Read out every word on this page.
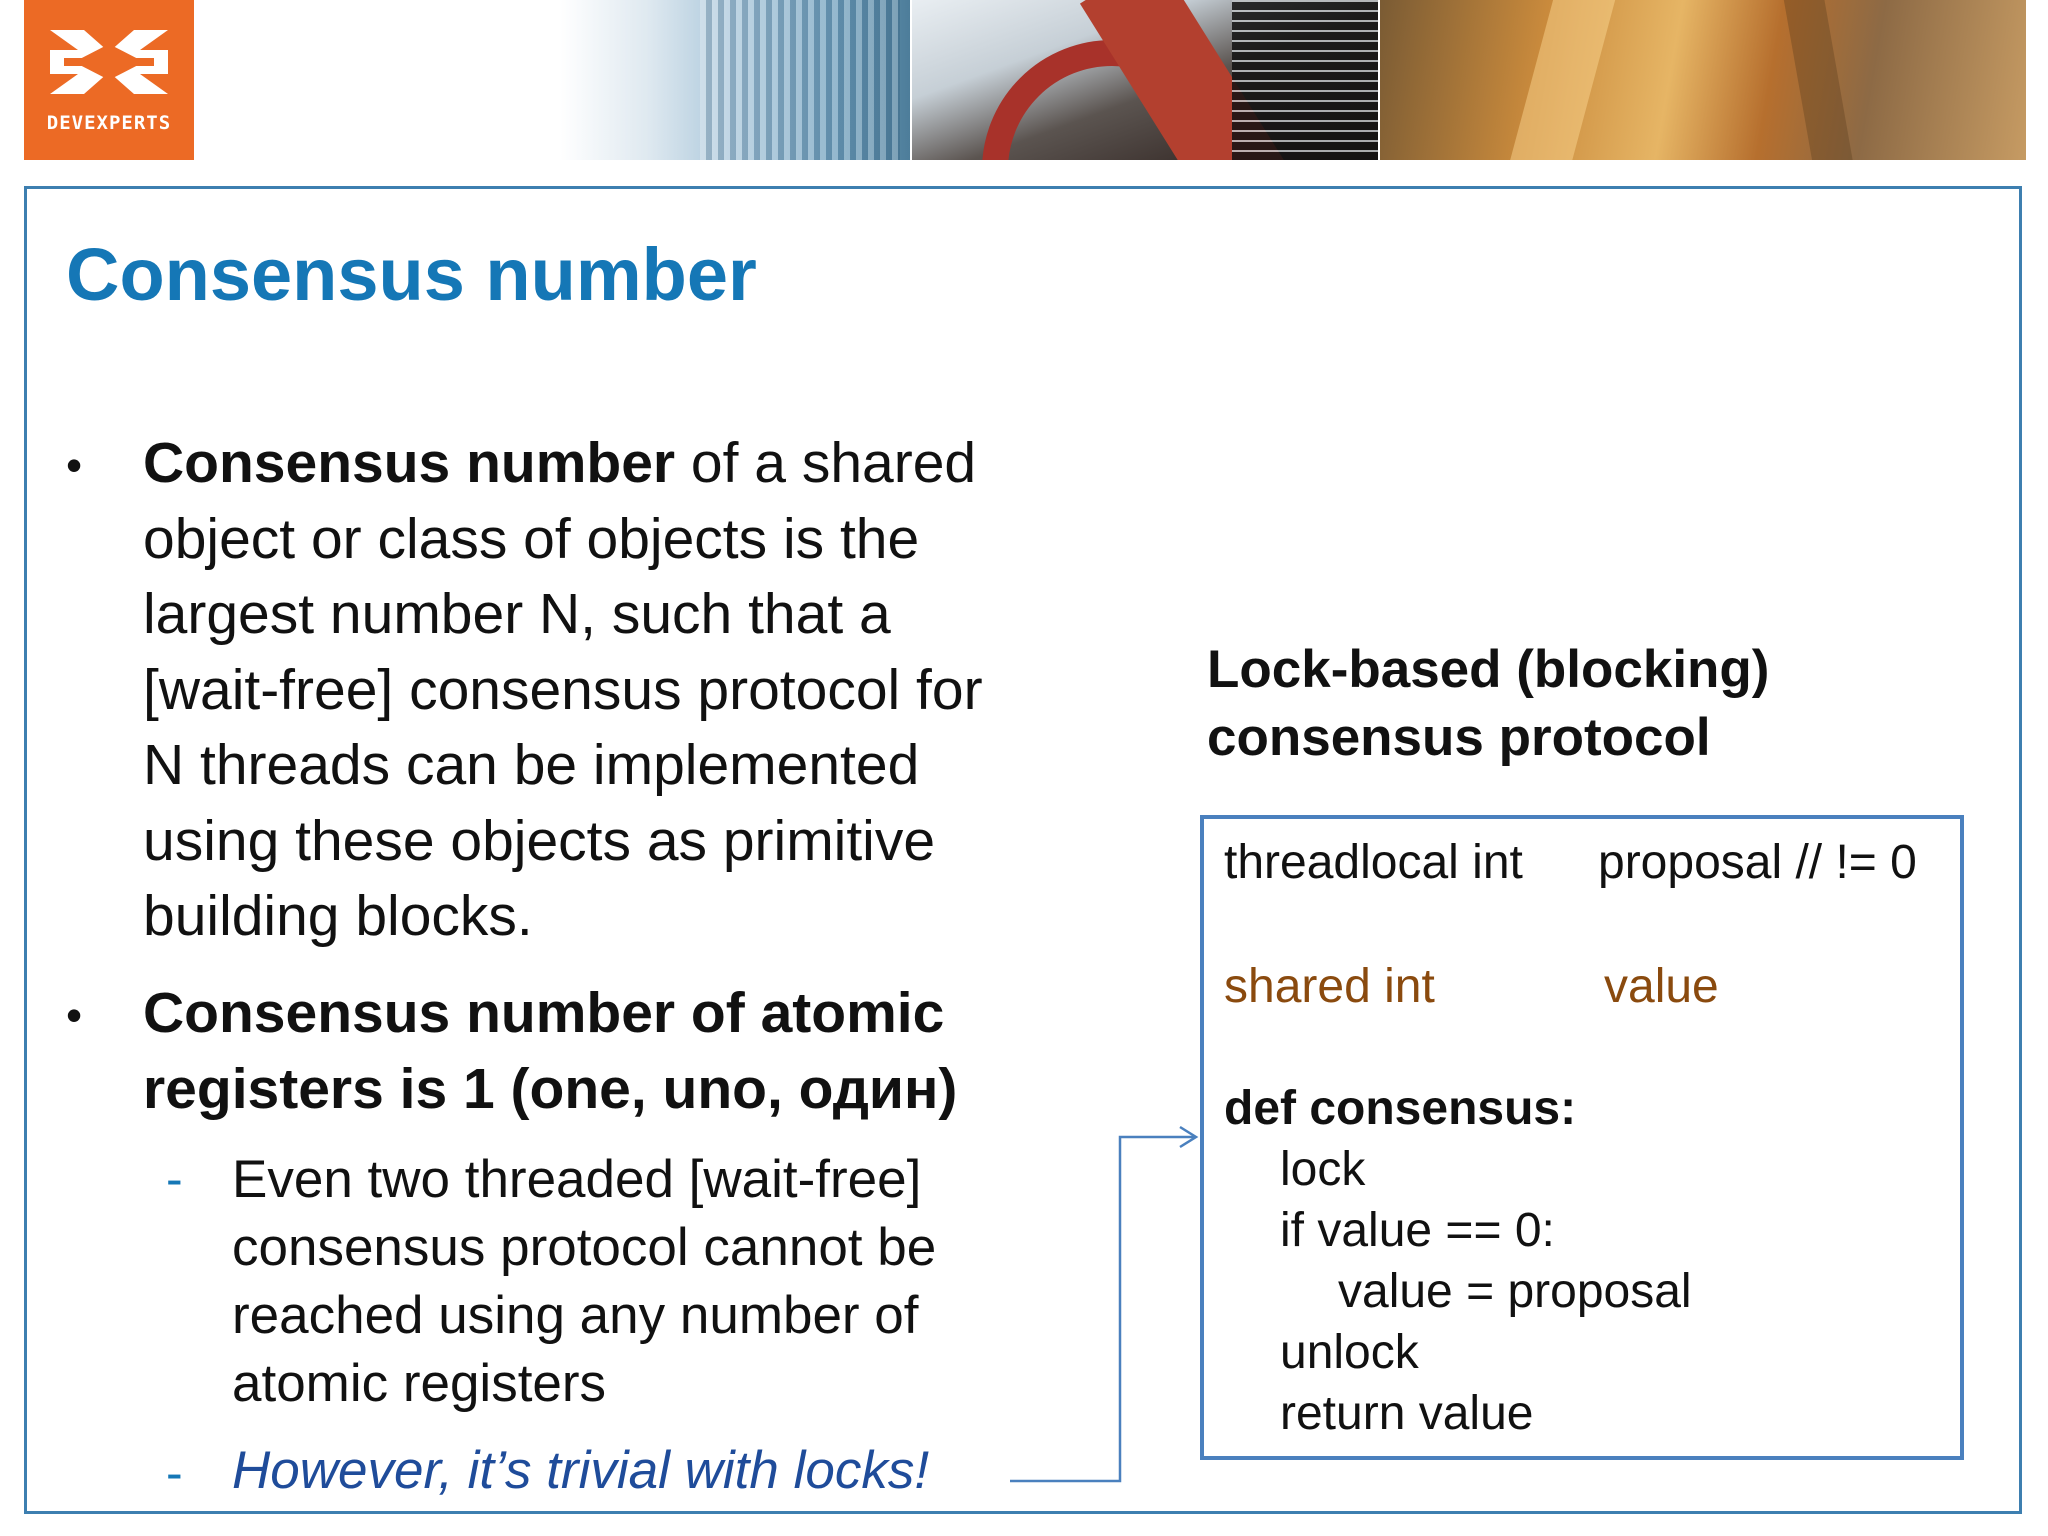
DEVEXPERTS
Consensus number
• Consensus number of a shared
object or class of objects is the
largest number N, such that a
[wait-free] consensus protocol for
N threads can be implemented
using these objects as primitive
building blocks.
• Consensus number of atomic
registers is 1 (one, uno, один)
- Even two threaded [wait-free]
consensus protocol cannot be
reached using any number of
atomic registers
- However, it’s trivial with locks!
Lock-based (blocking)
consensus protocol
threadlocal int proposal // != 0
shared int	value
def consensus:
lock
if value == 0:
value = proposal
unlock
return value
